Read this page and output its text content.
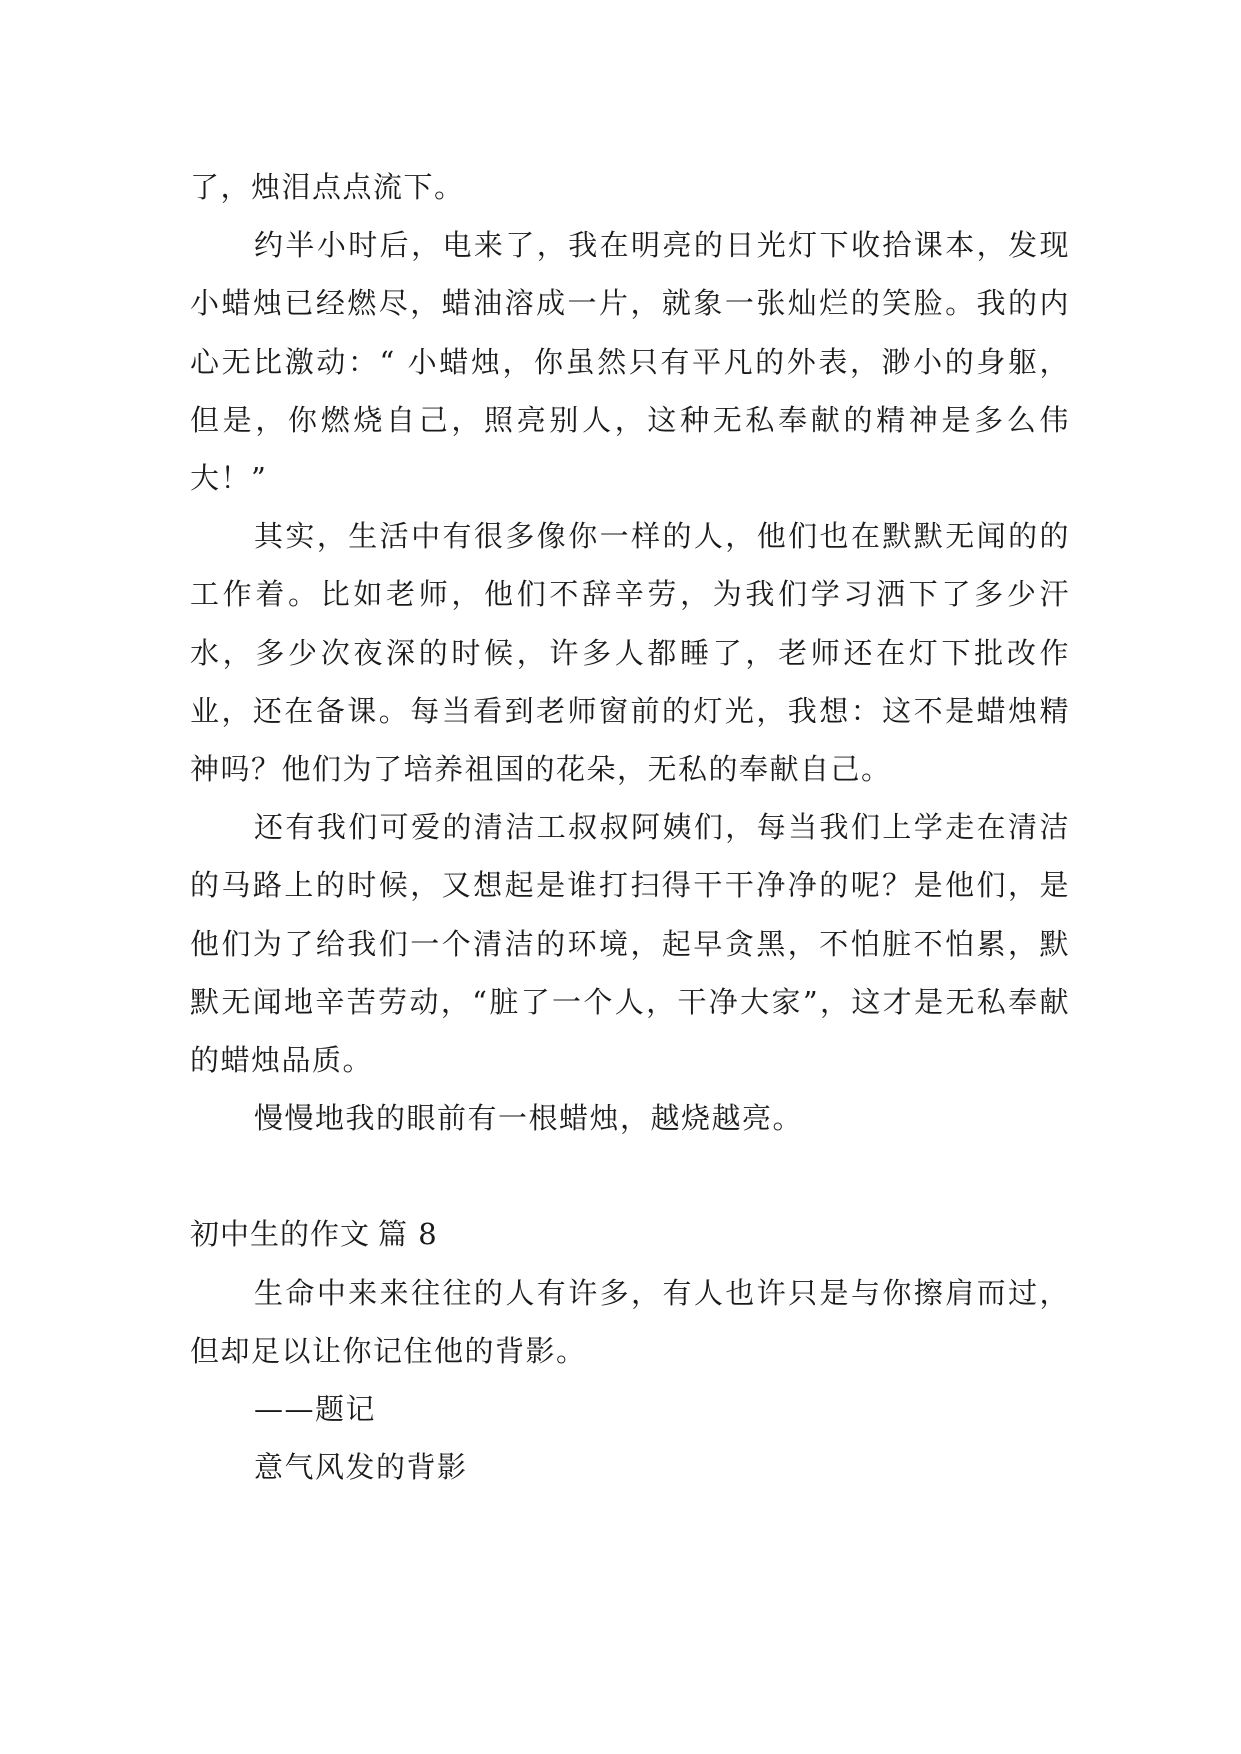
了，烛泪点点流下。

约半小时后，电来了，我在明亮的日光灯下收拾课本，发现小蜡烛已经燃尽，蜡油溶成一片，就象一张灿烂的笑脸。我的内心无比激动：“ 小蜡烛，你虽然只有平凡的外表，渺小的身躯，但是，你燃烧自己，照亮别人，这种无私奉献的精神是多么伟大！”

其实，生活中有很多像你一样的人，他们也在默默无闻的的工作着。比如老师，他们不辞辛劳，为我们学习洒下了多少汗水，多少次夜深的时候，许多人都睡了，老师还在灯下批改作业，还在备课。每当看到老师窗前的灯光，我想：这不是蜡烛精神吗？他们为了培养祖国的花朵，无私的奉献自己。

还有我们可爱的清洁工叔叔阿姨们，每当我们上学走在清洁的马路上的时候，又想起是谁打扫得干干净净的呢？是他们，是他们为了给我们一个清洁的环境，起早贪黑，不怕脏不怕累，默默无闻地辛苦劳动，“脏了一个人，干净大家”，这才是无私奉献的蜡烛品质。

慢慢地我的眼前有一根蜡烛，越烧越亮。

初中生的作文 篇 8

生命中来来往往的人有许多，有人也许只是与你擦肩而过，但却足以让你记住他的背影。

——题记

意气风发的背影
